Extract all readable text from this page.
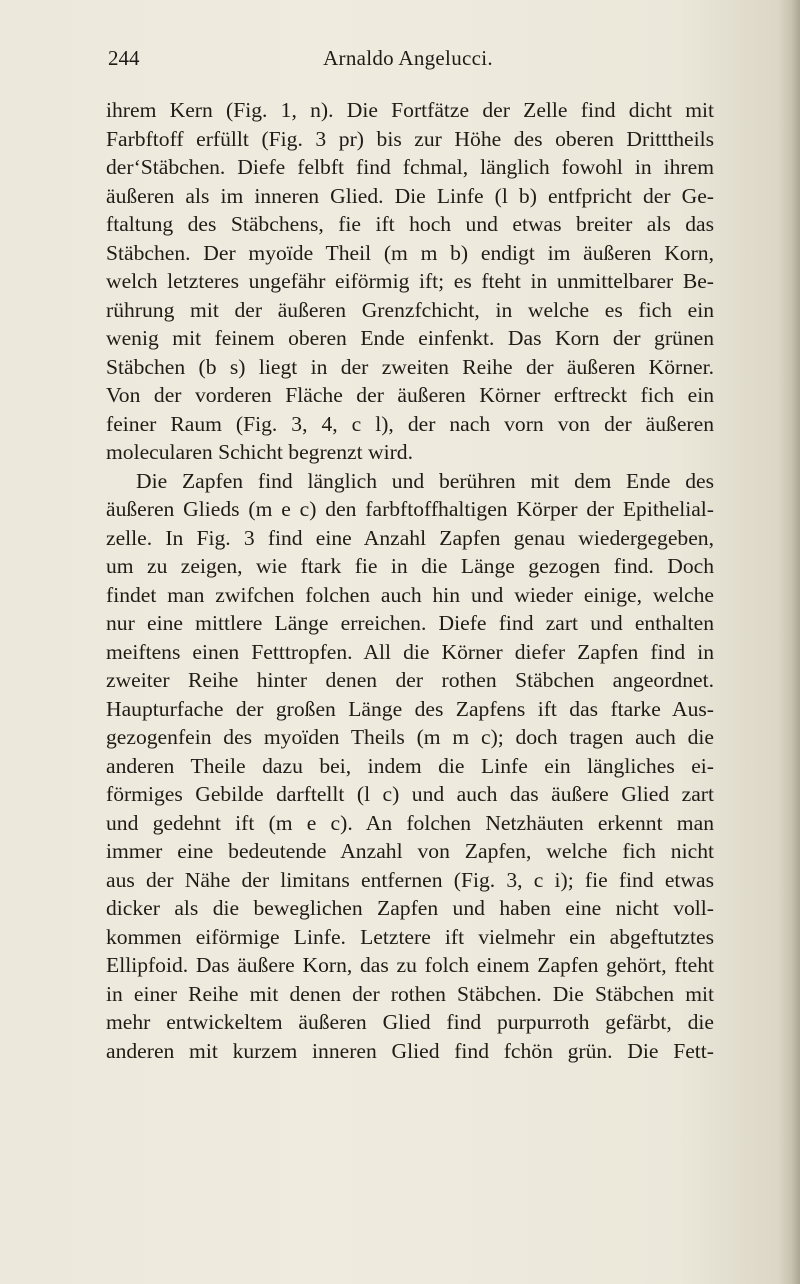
244	Arnaldo Angelucci.
ihrem Kern (Fig. 1, n). Die Fortfätze der Zelle find dicht mit
Farbftoff erfüllt (Fig. 3 pr) bis zur Höhe des oberen Dritttheils
der‘Stäbchen. Diefe felbft find fchmal, länglich fowohl in ihrem
äußeren als im inneren Glied. Die Linfe (l b) entfpricht der Ge-
ftaltung des Stäbchens, fie ift hoch und etwas breiter als das
Stäbchen. Der myoïde Theil (m m b) endigt im äußeren Korn,
welch letzteres ungefähr eiförmig ift; es fteht in unmittelbarer Be-
rührung mit der äußeren Grenzfchicht, in welche es fich ein
wenig mit feinem oberen Ende einfenkt. Das Korn der grünen
Stäbchen (b s) liegt in der zweiten Reihe der äußeren Körner.
Von der vorderen Fläche der äußeren Körner erftreckt fich ein
feiner Raum (Fig. 3, 4, c l), der nach vorn von der äußeren
molecularen Schicht begrenzt wird.
Die Zapfen find länglich und berühren mit dem Ende des
äußeren Glieds (m e c) den farbftoffhaltigen Körper der Epithelial-
zelle. In Fig. 3 find eine Anzahl Zapfen genau wiedergegeben,
um zu zeigen, wie ftark fie in die Länge gezogen find. Doch
findet man zwifchen folchen auch hin und wieder einige, welche
nur eine mittlere Länge erreichen. Diefe find zart und enthalten
meiftens einen Fetttropfen. All die Körner diefer Zapfen find in
zweiter Reihe hinter denen der rothen Stäbchen angeordnet.
Haupturfache der großen Länge des Zapfens ift das ftarke Aus-
gezogenfein des myoïden Theils (m m c); doch tragen auch die
anderen Theile dazu bei, indem die Linfe ein längliches ei-
förmiges Gebilde darftellt (l c) und auch das äußere Glied zart
und gedehnt ift (m e c). An folchen Netzhäuten erkennt man
immer eine bedeutende Anzahl von Zapfen, welche fich nicht
aus der Nähe der limitans entfernen (Fig. 3, c i); fie find etwas
dicker als die beweglichen Zapfen und haben eine nicht voll-
kommen eiförmige Linfe. Letztere ift vielmehr ein abgeftutztes
Ellipfoid. Das äußere Korn, das zu folch einem Zapfen gehört, fteht
in einer Reihe mit denen der rothen Stäbchen. Die Stäbchen mit
mehr entwickeltem äußeren Glied find purpurroth gefärbt, die
anderen mit kurzem inneren Glied find fchön grün. Die Fett-
